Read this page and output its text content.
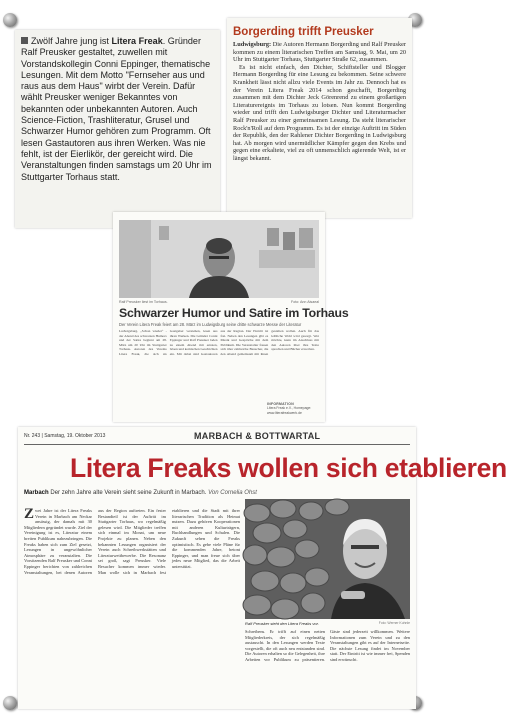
Zwölf Jahre jung ist Litera Freak. Gründer Ralf Preusker gestaltet, zuwellen mit Vorstandskollegin Conni Eppinger, thematische Lesungen. Mit dem Motto "Fernseher aus und raus aus dem Haus" wirbt der Verein. Dafür wählt Preusker weniger Bekanntes von bekannten oder unbekannten Autoren. Auch Science-Fiction, Trashliteratur, Grusel und Schwarzer Humor gehören zum Programm. Oft lesen Gastautoren aus ihren Werken. Was nie fehlt, ist der Eierlikör, der gereicht wird. Die Veranstaltungen finden samstags um 20 Uhr im Stuttgarter Torhaus statt.

Borgerding trifft Preusker

Ludwigsburg: Die Autoren Hermann Borgerding und Ralf Preusker kommen zu einem literarischen Treffen am Samstag, 9. Mai, um 20 Uhr im Stuttgarter Torhaus, Stuttgarter Straße 62, zusammen.

Es ist nicht einfach, den Dichter, Schiftsteller und Blogger Hermann Borgerding für eine Lesung zu bekommen. Seine schwere Krankheit lässt nicht allzu viele Events im Jahr zu. Dennoch hat es der Verein Litera Freak 2014 schon geschafft, Borgerding zusammen mit dem Dichter Jeck Görenrend zu einem großartigen Literaturereignis im Torhaus zu lotsen. Nun kommt Borgerding wieder und trifft den Ludwigsburger Dichter und Literaturmacher Ralf Preusker zu einer gemeinsamen Lesung. Da steht literarischer Rock'n'Roll auf dem Programm. Es ist der einzige Auftritt im Süden der Republik, den der Rahlener Dichter Borgerding in Ludwigsburg hat. Ab morgen wird unermüdlicher Kämpfer gegen den Krebs und gegen eine erkaltete, viel zu oft unmenschlich agierende Welt, ist er längst bekannt.

Ralf Preusker liest im Torhaus.	Foto: Ann Aisaeal
Schwarzer Humor und Satire im Torhaus
Der Verein Litera Freak feiert am 28. März im Ludwigsburg seine dritte schwarze Messe der Literatur
Ludwigsburg. „Schon wieder“ - der Abend des schwarzen Humors und der Satire beginnt am 28. März um 20 Uhr im Stuttgarter Torhaus. Autoren des Vereins Litera Freak, die sich als Gastgeber verstehen, lesen aus ihren Werken. Die Gründer Conni Eppinger und Ralf Preusker laden zu einem Abend mit ernsten, bösen und komischen Geschichten ein. Mit dabei sind Gastautoren aus der Region. Der Eintritt ist frei. Neben den Lesungen gibt es Musik und Gespräche mit dem Publikum. Die Veranstalter freuen sich über zahlreiche Besucher, die den Abend gemeinsam mit ihnen gestalten wollen. Auch für das leibliche Wohl wird gesorgt. Wer möchte, kann im Anschluss mit den Autoren über ihre Texte sprechen und Bücher erwerben.
INFORMATION
Litera Freak e.V., Homepage: www.literafreakwerk.de
Nr. 243 | Samstag, 19. Oktober 2013	MARBACH & BOTTWARTAL
Litera Freaks wollen sich etablieren
Marbach Der zehn Jahre alte Verein sieht seine Zukunft in Marbach. Von Cornelia Ohst
Zwei Jahre ist der Litera Freaks Verein in Marbach am Neckar ansässig, der damals mit 30 Mitgliedern gegründet wurde. Ziel der Vereinigung ist es, Literatur einem breiten Publikum nahezubringen. Die Freaks haben sich zum Ziel gesetzt, Lesungen in ungewöhnlicher Atmosphäre zu veranstalten. Die Vorsitzenden Ralf Preusker und Conni Eppinger berichten von zahlreichen Veranstaltungen, bei denen Autoren aus der Region auftreten. Ein fester Bestandteil ist der Auftritt im Stuttgarter Torhaus, wo regelmäßig gelesen wird. Die Mitglieder treffen sich einmal im Monat, um neue Projekte zu planen. Neben den bekannten Lesungen organisiert der Verein auch Schreibwerkstätten und Literaturwettbewerbe. Die Resonanz sei groß, sagt Preusker. Viele Besucher kommen immer wieder. Man wolle sich in Marbach fest etablieren und die Stadt mit ihrer literarischen Tradition als Heimat nutzen. Dazu gehören Kooperationen mit anderen Kulturträgern, Buchhandlungen und Schulen. Die Zukunft sehen die Freaks optimistisch. Es gebe viele Pläne für die kommenden Jahre, betont Eppinger, und man freue sich über jedes neue Mitglied, das die Arbeit unterstützt.
Ralf Preusker steht den Litera Freaks vor.	Foto: Werner Kuhnle
Schreibens. Er trifft auf einen netten Mitgliederkreis, der sich regelmäßig austauscht. In den Lesungen werden Texte vorgestellt, die oft auch neu entstanden sind. Die Autoren erhalten so die Gelegenheit, ihre Arbeiten vor Publikum zu präsentieren. Gäste sind jederzeit willkommen. Weitere Informationen zum Verein und zu den Veranstaltungen gibt es auf der Internetseite. Die nächste Lesung findet im November statt. Der Eintritt ist wie immer frei, Spenden sind erwünscht.
